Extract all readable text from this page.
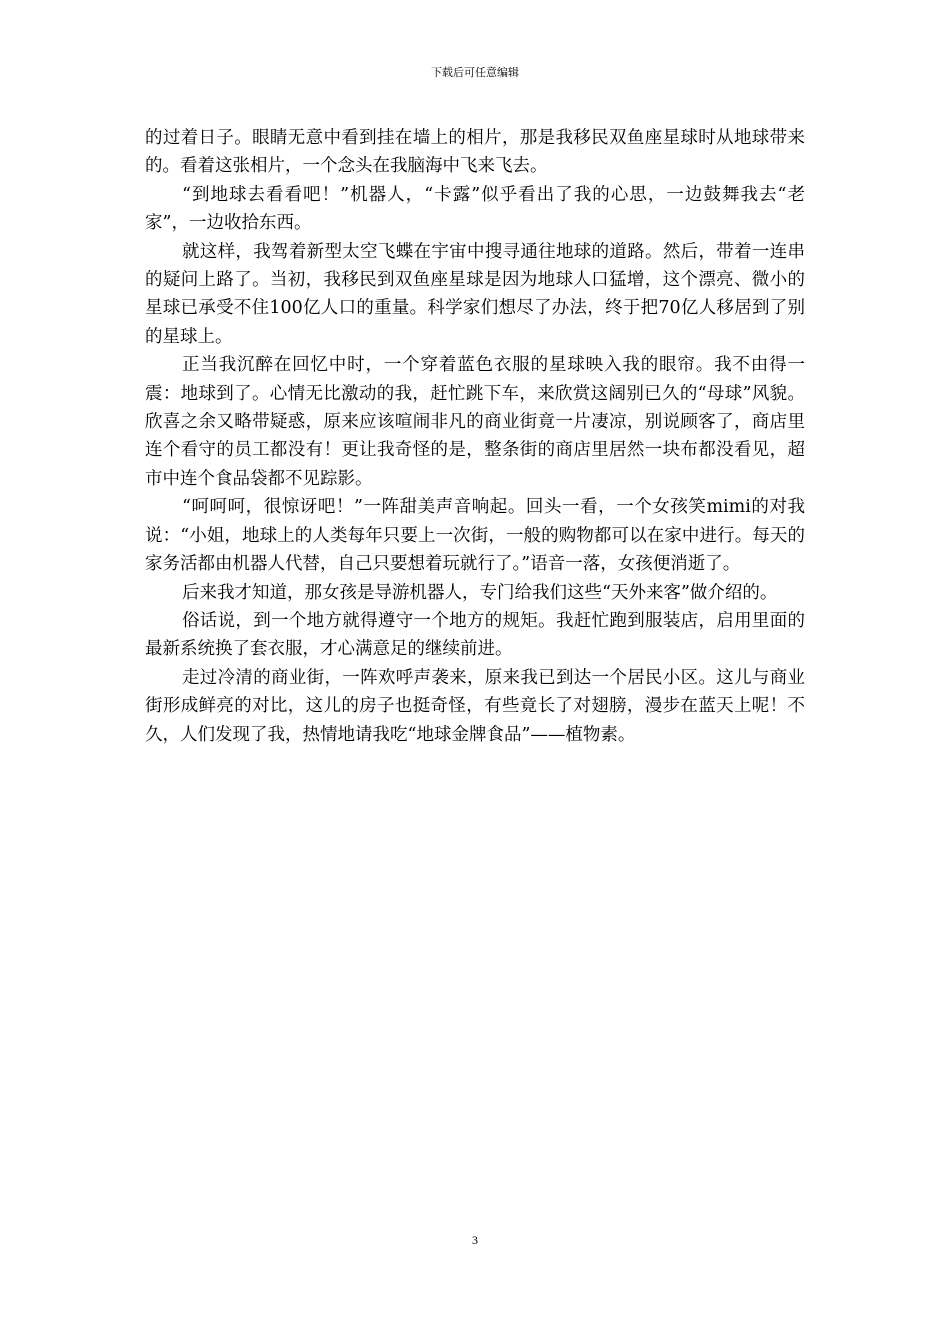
下载后可任意编辑

的过着日子。眼睛无意中看到挂在墙上的相片，那是我移民双鱼座星球时从地球带来的。看着这张相片，一个念头在我脑海中飞来飞去。

“到地球去看看吧！”机器人，“卡露”似乎看出了我的心思，一边鼓舞我去“老家”，一边收拾东西。

就这样，我驾着新型太空飞蝶在宇宙中搜寻通往地球的道路。然后，带着一连串的疑问上路了。当初，我移民到双鱼座星球是因为地球人口猛增，这个漂亮、微小的星球已承受不住100亿人口的重量。科学家们想尽了办法，终于把70亿人移居到了别的星球上。

正当我沉醉在回忆中时，一个穿着蓝色衣服的星球映入我的眼帘。我不由得一震：地球到了。心情无比激动的我，赶忙跳下车，来欣赏这阔别已久的“母球”风貌。欣喜之余又略带疑惑，原来应该喧闹非凡的商业街竟一片凄凉，别说顾客了，商店里连个看守的员工都没有！更让我奇怪的是，整条街的商店里居然一块布都没看见，超市中连个食品袋都不见踪影。

“呵呵呵，很惊讶吧！”一阵甜美声音响起。回头一看，一个女孩笑mimi的对我说：“小姐，地球上的人类每年只要上一次街，一般的购物都可以在家中进行。每天的家务活都由机器人代替，自己只要想着玩就行了。”语音一落，女孩便消逝了。

后来我才知道，那女孩是导游机器人，专门给我们这些“天外来客”做介绍的。

俗话说，到一个地方就得遵守一个地方的规矩。我赶忙跑到服装店，启用里面的最新系统换了套衣服，才心满意足的继续前进。

走过冷清的商业街，一阵欢呼声袭来，原来我已到达一个居民小区。这儿与商业街形成鲜亮的对比，这儿的房子也挺奇怪，有些竟长了对翅膀，漫步在蓝天上呢！不久，人们发现了我，热情地请我吃“地球金牌食品”——植物素。

3
